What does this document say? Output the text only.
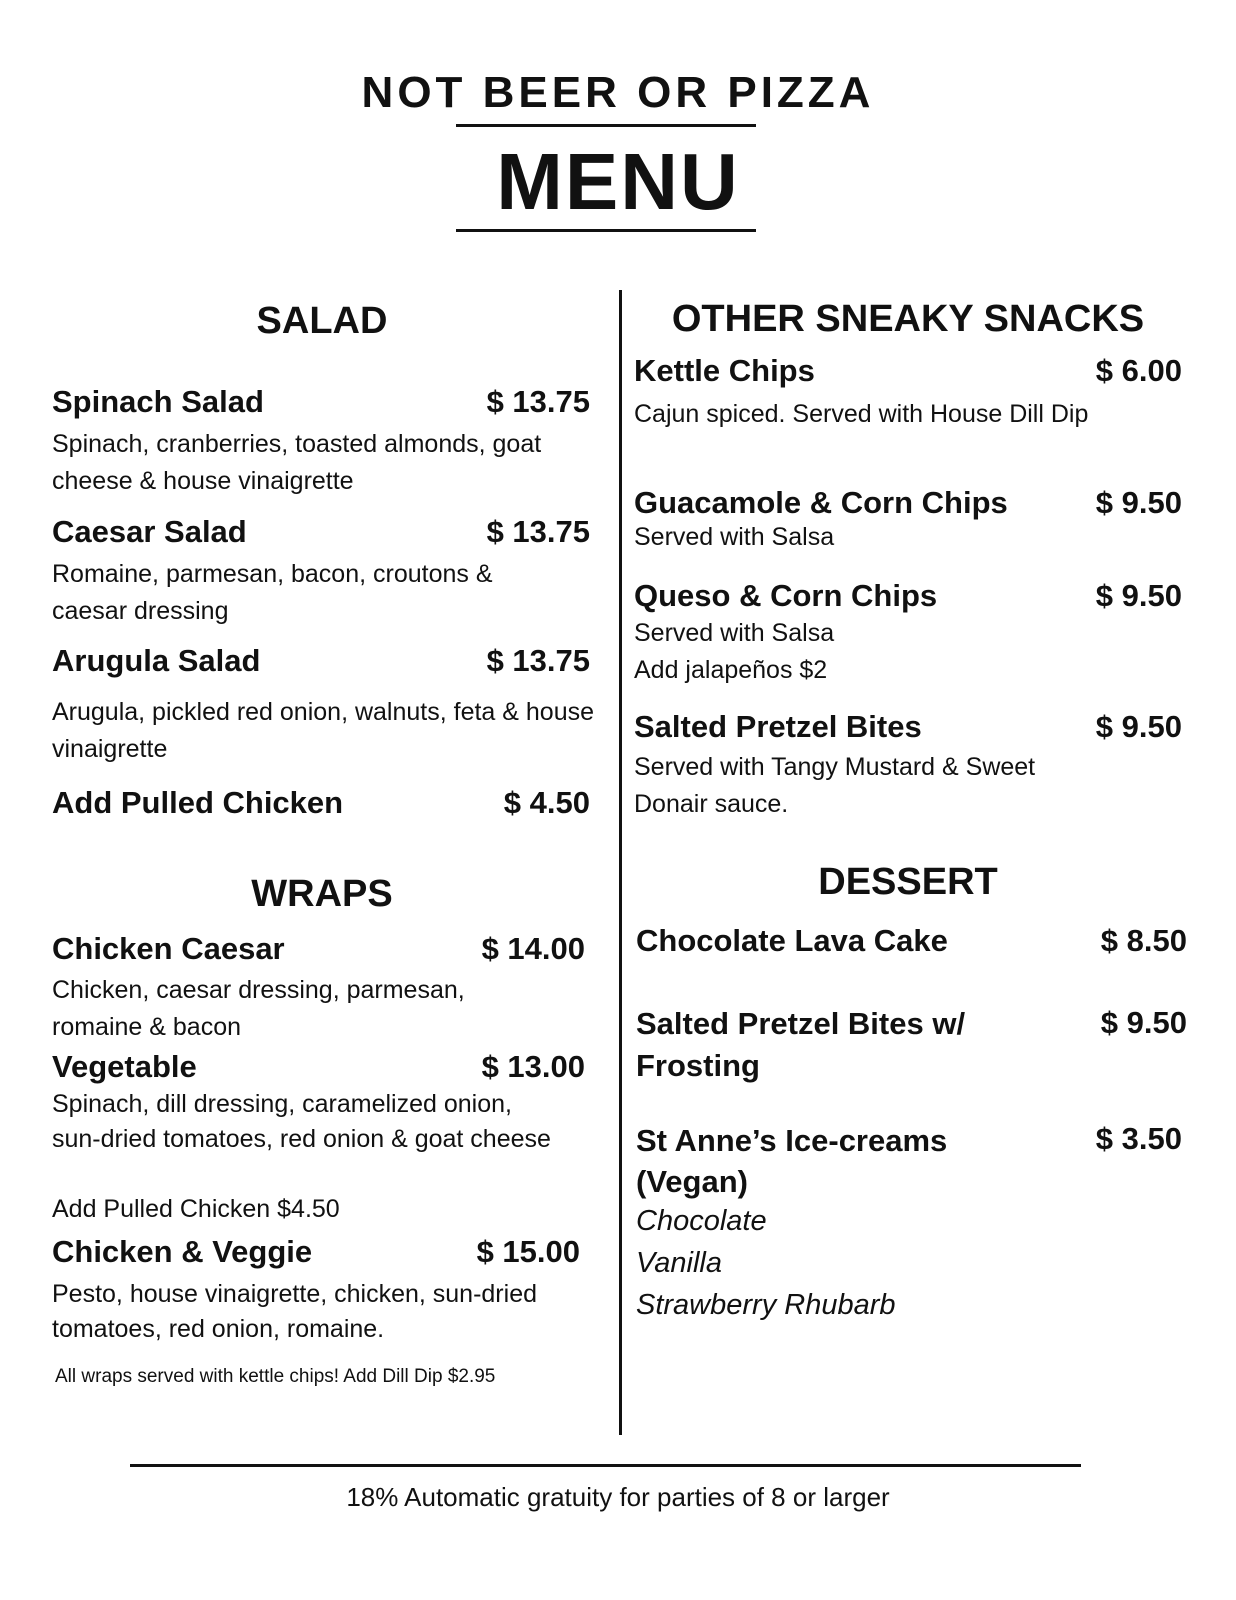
NOT BEER OR PIZZA
MENU
SALAD
Spinach Salad	$ 13.75
Spinach, cranberries, toasted almonds, goat cheese & house vinaigrette
Caesar Salad	$ 13.75
Romaine, parmesan, bacon, croutons & caesar dressing
Arugula Salad	$ 13.75
Arugula, pickled red onion, walnuts, feta & house vinaigrette
Add Pulled Chicken	$ 4.50
WRAPS
Chicken Caesar	$ 14.00
Chicken, caesar dressing, parmesan, romaine & bacon
Vegetable	$ 13.00
Spinach, dill dressing, caramelized onion, sun-dried tomatoes, red onion & goat cheese
Add Pulled Chicken $4.50
Chicken & Veggie	$ 15.00
Pesto, house vinaigrette, chicken, sun-dried tomatoes, red onion, romaine.
All wraps served with kettle chips! Add Dill Dip $2.95
OTHER SNEAKY SNACKS
Kettle Chips	$ 6.00
Cajun spiced. Served with House Dill Dip
Guacamole & Corn Chips	$ 9.50
Served with Salsa
Queso & Corn Chips	$ 9.50
Served with Salsa
Add jalapeños $2
Salted Pretzel Bites	$ 9.50
Served with Tangy Mustard & Sweet Donair sauce.
DESSERT
Chocolate Lava Cake	$ 8.50
Salted Pretzel Bites w/ Frosting
$ 9.50
St Anne’s Ice-creams (Vegan)
$ 3.50
Chocolate
Vanilla
Strawberry Rhubarb
18% Automatic gratuity for parties of 8 or larger
